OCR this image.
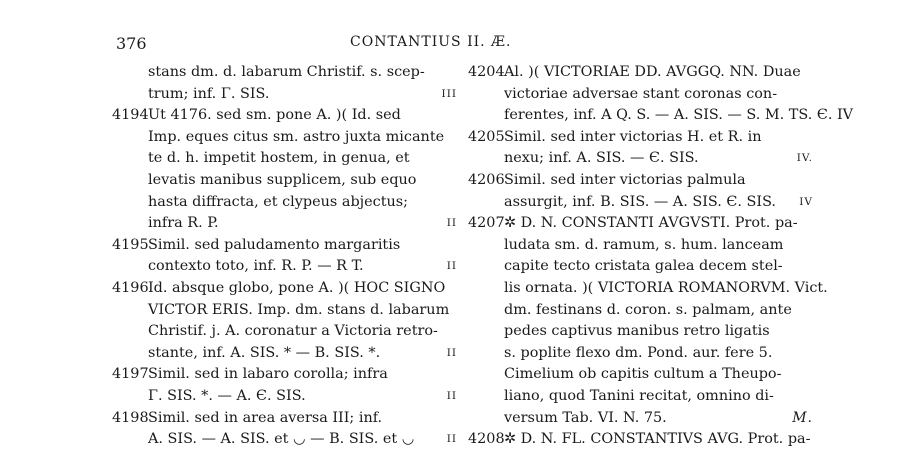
376	CONTANTIUS II. Æ.
stans dm. d. labarum Christif. s. scep-
trum; inf. Γ. SIS.	III
4194 Ut 4176. sed sm. pone A. )( Id. sed
Imp. eques citus sm. astro juxta micante
te d. h. impetit hostem, in genua, et
levatis manibus supplicem, sub equo
hasta diffracta, et clypeus abjectus;
infra R. P.	II
4195 Simil. sed paludamento margaritis
contexto toto, inf. R. P. — R T.	II
4196 Id. absque globo, pone A. )( HOC SIGNO
VICTOR ERIS. Imp. dm. stans d. labarum
Christif. j. A. coronatur a Victoria retro-
stante, inf. A. SIS. * — B. SIS. *.	II
4197 Simil. sed in labaro corolla; infra
Γ. SIS. *. — A. Є. SIS.	II
4198 Simil. sed in area aversa III; inf.
A. SIS. — A. SIS. et ◡ — B. SIS. et ◡	II
4204 Al. )( VICTORIAE DD. AVGGQ. NN. Duae
victoriae adversae stant coronas con-
ferentes, inf. A Q. S. — A. SIS. — S. M. TS. Є. IV
4205 Simil. sed inter victorias H. et R. in
nexu; inf. A. SIS. — Є. SIS.	IV.
4206 Simil. sed inter victorias palmula
assurgit, inf. B. SIS. — A. SIS. Є. SIS. IV
4207 ✲ D. N. CONSTANTI AVGVSTI. Prot. pa-
ludata sm. d. ramum, s. hum. lanceam
capite tecto cristata galea decem stel-
lis ornata. )( VICTORIA ROMANORVM. Vict.
dm. festinans d. coron. s. palmam, ante
pedes captivus manibus retro ligatis
s. poplite flexo dm. Pond. aur. fere 5.
Cimelium ob capitis cultum a Theupo-
liano, quod Tanini recitat, omnino di-
versum Tab. VI. N. 75.	M.
4208 ✲ D. N. FL. CONSTANTIVS AVG. Prot. pa-
